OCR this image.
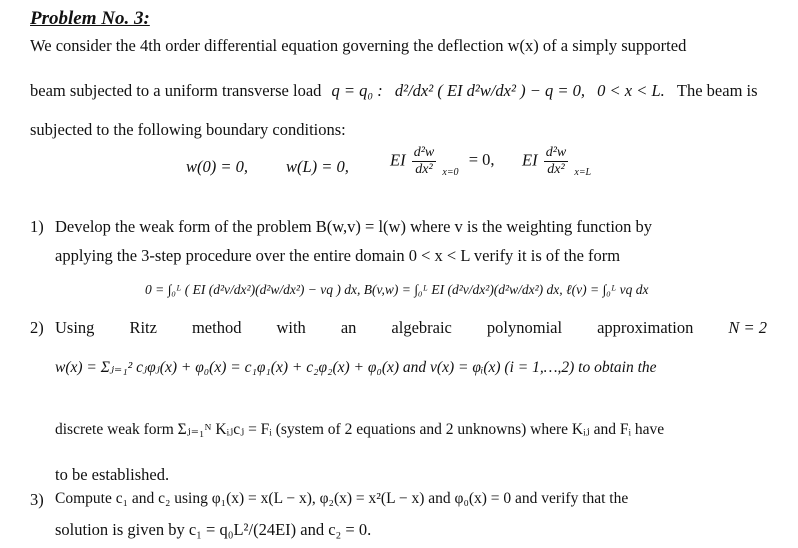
Problem No. 3:
We consider the 4th order differential equation governing the deflection w(x) of a simply supported
beam subjected to a uniform transverse load q = q₀ : d²/dx² ( EI d²w/dx² ) − q = 0, 0 < x < L. The beam is
subjected to the following boundary conditions:
w(0) = 0, w(L) = 0, EI $\frac{\text{d²w}}{\text{dx²}} _{x=0} = 0$, EI $\frac{\text{d²w}}{\text{dx²}} _{x=L}$
1) Develop the weak form of the problem B(w,v) = l(w) where v is the weighting function by
applying the 3-step procedure over the entire domain 0 < x < L verify it is of the form
0 = ∫₀ᴸ ( EI (d²v/dx²)(d²w/dx²) − vq ) dx, B(v,w) = ∫₀ᴸ EI (d²v/dx²)(d²w/dx²) dx, ℓ(v) = ∫₀ᴸ vq dx
2) Using Ritz method with an algebraic polynomial approximation N = 2
w(x) = Σⱼ₌₁² cⱼφⱼ(x) + φ₀(x) = c₁φ₁(x) + c₂φ₂(x) + φ₀(x) and v(x) = φᵢ(x) (i = 1,…,2) to obtain the
discrete weak form Σⱼ₌₁ᴺ Kᵢⱼcⱼ = Fᵢ (system of 2 equations and 2 unknowns) where Kᵢⱼ and Fᵢ have
to be established.
3) Compute c₁ and c₂ using φ₁(x) = x(L − x), φ₂(x) = x²(L − x) and φ₀(x) = 0 and verify that the
solution is given by c₁ = q₀L²/(24EI) and c₂ = 0.
